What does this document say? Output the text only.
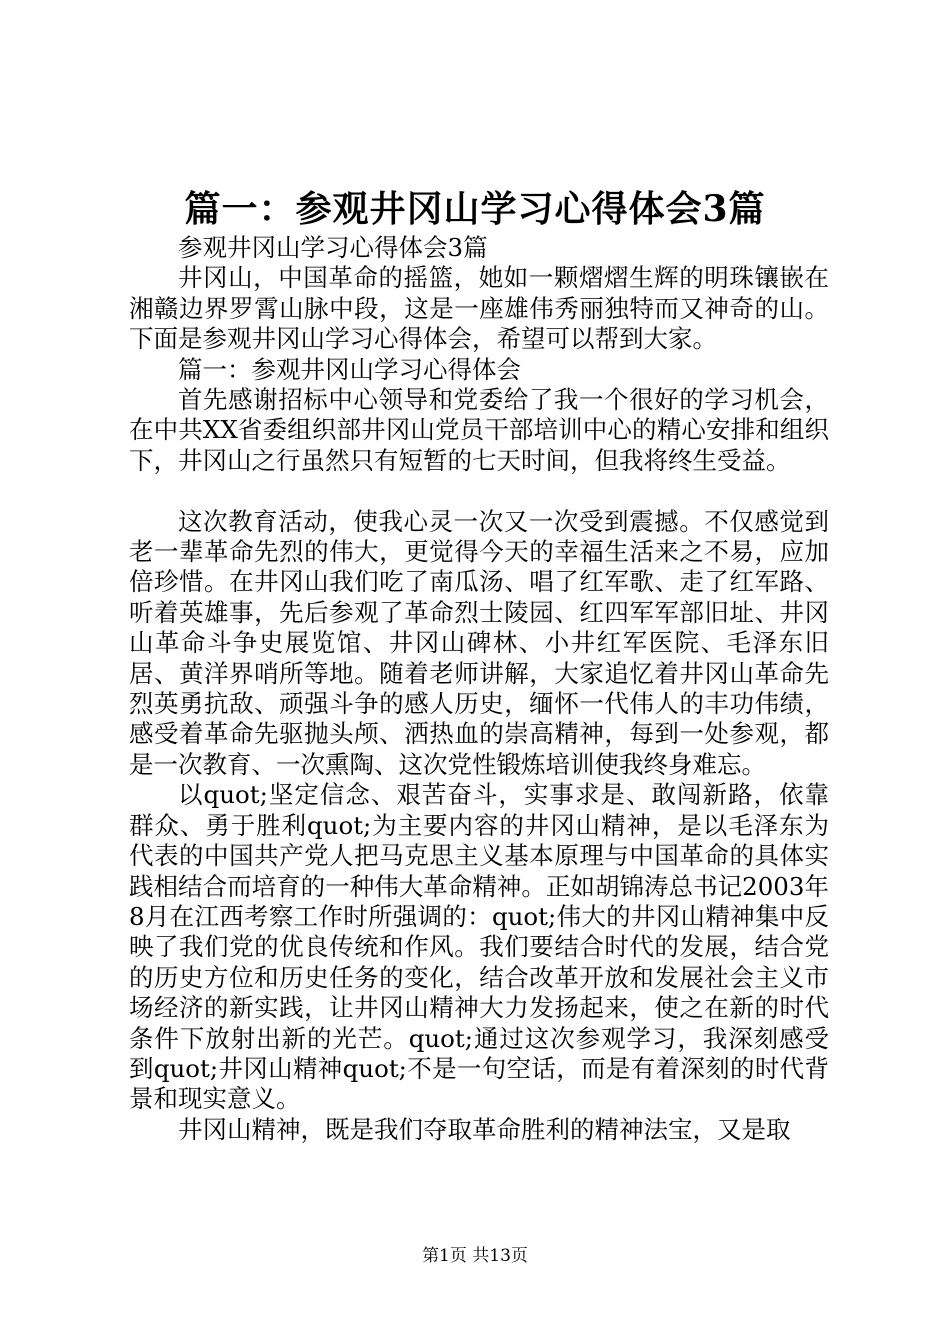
篇一：参观井冈山学习心得体会3篇

参观井冈山学习心得体会3篇

井冈山，中国革命的摇篮，她如一颗熠熠生辉的明珠镶嵌在湘赣边界罗霄山脉中段，这是一座雄伟秀丽独特而又神奇的山。下面是参观井冈山学习心得体会，希望可以帮到大家。

篇一：参观井冈山学习心得体会

首先感谢招标中心领导和党委给了我一个很好的学习机会，在中共XX省委组织部井冈山党员干部培训中心的精心安排和组织下，井冈山之行虽然只有短暂的七天时间，但我将终生受益。

这次教育活动，使我心灵一次又一次受到震撼。不仅感觉到老一辈革命先烈的伟大，更觉得今天的幸福生活来之不易，应加倍珍惜。在井冈山我们吃了南瓜汤、唱了红军歌、走了红军路、听着英雄事，先后参观了革命烈士陵园、红四军军部旧址、井冈山革命斗争史展览馆、井冈山碑林、小井红军医院、毛泽东旧居、黄洋界哨所等地。随着老师讲解，大家追忆着井冈山革命先烈英勇抗敌、顽强斗争的感人历史，缅怀一代伟人的丰功伟绩，感受着革命先驱抛头颅、洒热血的崇高精神，每到一处参观，都是一次教育、一次熏陶、这次党性锻炼培训使我终身难忘。

以quot;坚定信念、艰苦奋斗，实事求是、敢闯新路，依靠群众、勇于胜利quot;为主要内容的井冈山精神，是以毛泽东为代表的中国共产党人把马克思主义基本原理与中国革命的具体实践相结合而培育的一种伟大革命精神。正如胡锦涛总书记2003年8月在江西考察工作时所强调的：quot;伟大的井冈山精神集中反映了我们党的优良传统和作风。我们要结合时代的发展，结合党的历史方位和历史任务的变化，结合改革开放和发展社会主义市场经济的新实践，让井冈山精神大力发扬起来，使之在新的时代条件下放射出新的光芒。quot;通过这次参观学习，我深刻感受到quot;井冈山精神quot;不是一句空话，而是有着深刻的时代背景和现实意义。

井冈山精神，既是我们夺取革命胜利的精神法宝，又是取

第1页 共13页
